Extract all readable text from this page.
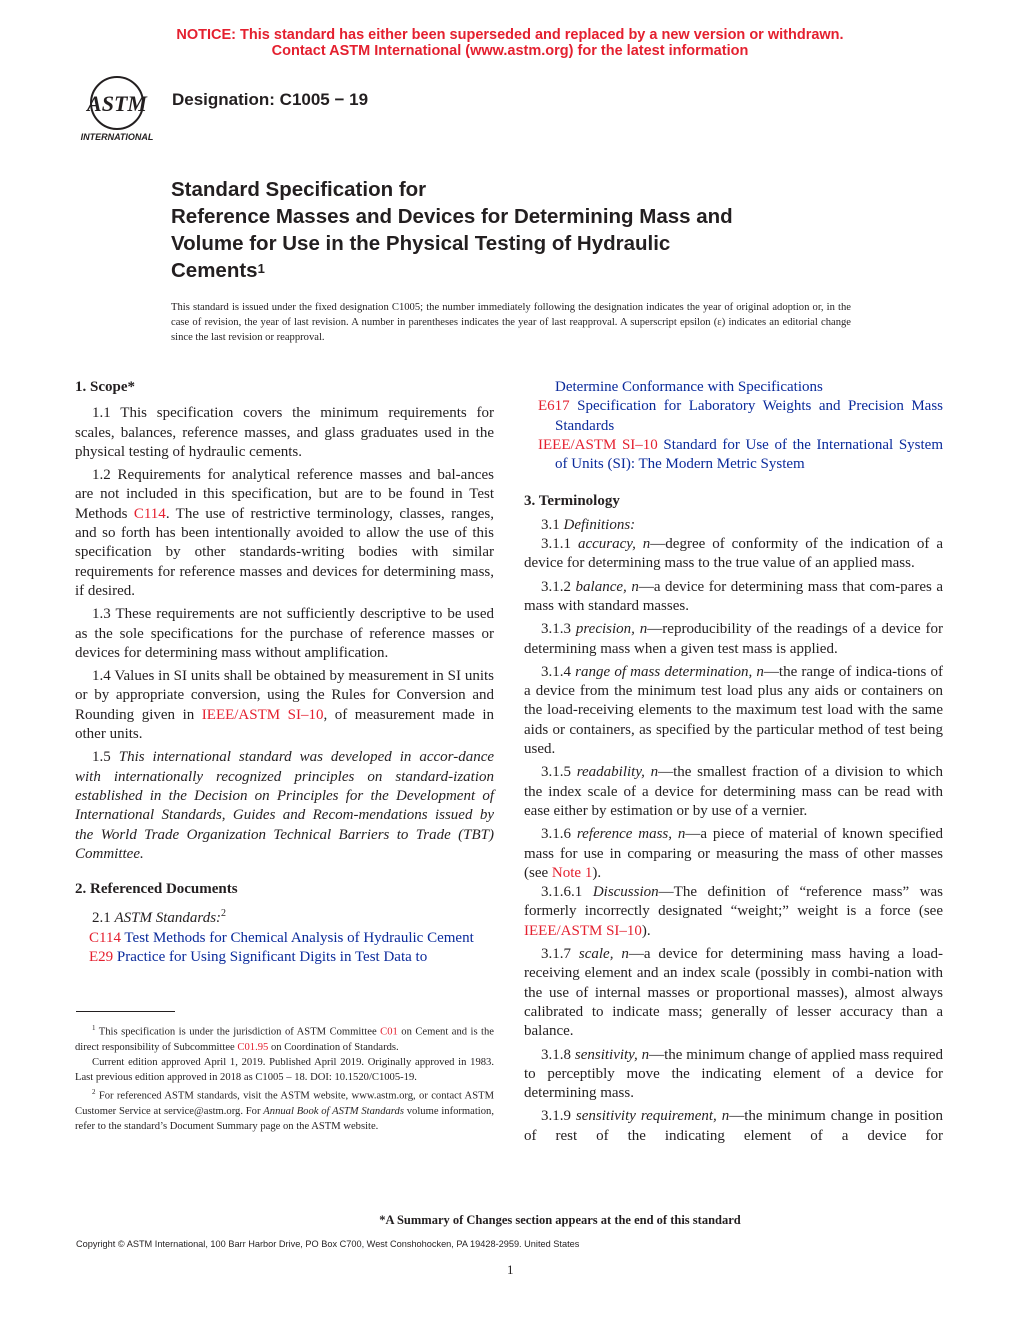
NOTICE: This standard has either been superseded and replaced by a new version or withdrawn.
Contact ASTM International (www.astm.org) for the latest information
ASTM
INTERNATIONAL
Designation: C1005 − 19
Standard Specification for
Reference Masses and Devices for Determining Mass and
Volume for Use in the Physical Testing of Hydraulic
Cements$^1$
This standard is issued under the fixed designation C1005; the number immediately following the designation indicates the year of original adoption or, in the case of revision, the year of last revision. A number in parentheses indicates the year of last reapproval. A superscript epsilon (ε) indicates an editorial change since the last revision or reapproval.
1. Scope*

1.1 This specification covers the minimum requirements for scales, balances, reference masses, and glass graduates used in the physical testing of hydraulic cements.

1.2 Requirements for analytical reference masses and bal-ances are not included in this specification, but are to be found in Test Methods C114. The use of restrictive terminology, classes, ranges, and so forth has been intentionally avoided to allow the use of this specification by other standards-writing bodies with similar requirements for reference masses and devices for determining mass, if desired.

1.3 These requirements are not sufficiently descriptive to be used as the sole specifications for the purchase of reference masses or devices for determining mass without amplification.

1.4 Values in SI units shall be obtained by measurement in SI units or by appropriate conversion, using the Rules for Conversion and Rounding given in IEEE/ASTM SI–10, of measurement made in other units.

1.5 This international standard was developed in accor-dance with internationally recognized principles on standard-ization established in the Decision on Principles for the Development of International Standards, Guides and Recom-mendations issued by the World Trade Organization Technical Barriers to Trade (TBT) Committee.

2. Referenced Documents

2.1 ASTM Standards:$^2$

C114 Test Methods for Chemical Analysis of Hydraulic Cement
E29 Practice for Using Significant Digits in Test Data to

$^1$ This specification is under the jurisdiction of ASTM Committee C01 on Cement and is the direct responsibility of Subcommittee C01.95 on Coordination of Standards.

Current edition approved April 1, 2019. Published April 2019. Originally approved in 1983. Last previous edition approved in 2018 as C1005 – 18. DOI: 10.1520/C1005-19.

$^2$ For referenced ASTM standards, visit the ASTM website, www.astm.org, or contact ASTM Customer Service at service@astm.org. For Annual Book of ASTM Standards volume information, refer to the standard’s Document Summary page on the ASTM website.

Determine Conformance with Specifications
E617 Specification for Laboratory Weights and Precision Mass Standards
IEEE/ASTM SI–10 Standard for Use of the International System of Units (SI): The Modern Metric System
3. Terminology

3.1 Definitions:

3.1.1 accuracy, n—degree of conformity of the indication of a device for determining mass to the true value of an applied mass.

3.1.2 balance, n—a device for determining mass that com-pares a mass with standard masses.

3.1.3 precision, n—reproducibility of the readings of a device for determining mass when a given test mass is applied.

3.1.4 range of mass determination, n—the range of indica-tions of a device from the minimum test load plus any aids or containers on the load-receiving elements to the maximum test load with the same aids or containers, as specified by the particular method of test being used.

3.1.5 readability, n—the smallest fraction of a division to which the index scale of a device for determining mass can be read with ease either by estimation or by use of a vernier.

3.1.6 reference mass, n—a piece of material of known specified mass for use in comparing or measuring the mass of other masses (see Note 1).

3.1.6.1 Discussion—The definition of “reference mass” was formerly incorrectly designated “weight;” weight is a force (see IEEE/ASTM SI–10).

3.1.7 scale, n—a device for determining mass having a load-receiving element and an index scale (possibly in combi-nation with the use of internal masses or proportional masses), almost always calibrated to indicate mass; generally of lesser accuracy than a balance.

3.1.8 sensitivity, n—the minimum change of applied mass required to perceptibly move the indicating element of a device for determining mass.

3.1.9 sensitivity requirement, n—the minimum change in position of rest of the indicating element of a device for

*A Summary of Changes section appears at the end of this standard
Copyright © ASTM International, 100 Barr Harbor Drive, PO Box C700, West Conshohocken, PA 19428-2959. United States
1
